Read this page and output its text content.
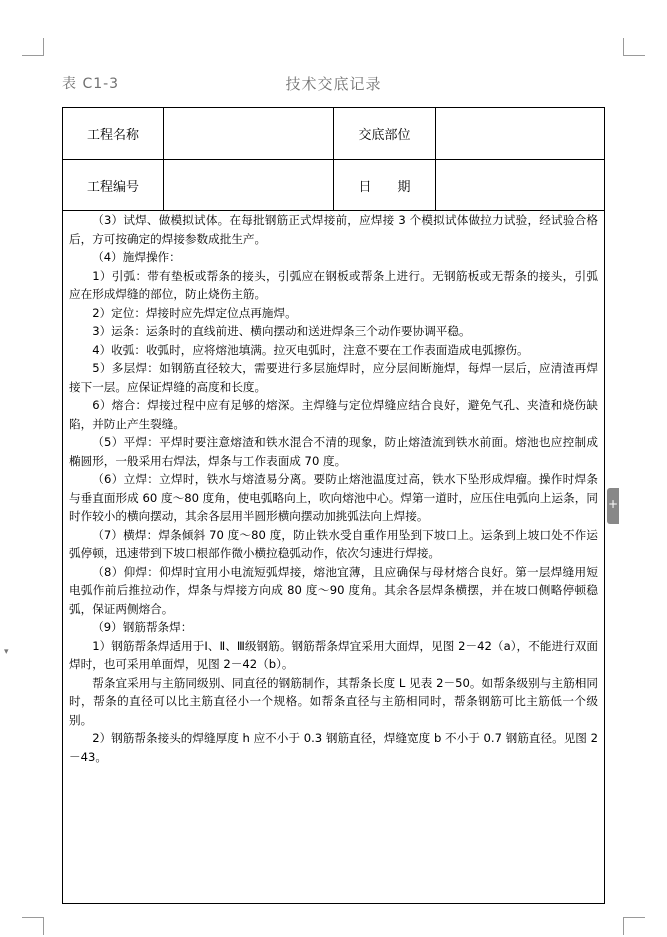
表 C1-3	技术交底记录
工程名称	交底部位
工程编号	日　　期

（3）试焊、做模拟试体。在每批钢筋正式焊接前，应焊接 3 个模拟试体做拉力试验，经试验合格后，方可按确定的焊接参数成批生产。

（4）施焊操作：

1）引弧：带有垫板或帮条的接头，引弧应在钢板或帮条上进行。无钢筋板或无帮条的接头，引弧应在形成焊缝的部位，防止烧伤主筋。

2）定位：焊接时应先焊定位点再施焊。

3）运条：运条时的直线前进、横向摆动和送进焊条三个动作要协调平稳。

4）收弧：收弧时，应将熔池填满。拉灭电弧时，注意不要在工作表面造成电弧擦伤。

5）多层焊：如钢筋直径较大，需要进行多层施焊时，应分层间断施焊，每焊一层后，应清渣再焊接下一层。应保证焊缝的高度和长度。

6）熔合：焊接过程中应有足够的熔深。主焊缝与定位焊缝应结合良好，避免气孔、夹渣和烧伤缺陷，并防止产生裂缝。

（5）平焊：平焊时要注意熔渣和铁水混合不清的现象，防止熔渣流到铁水前面。熔池也应控制成椭圆形，一般采用右焊法，焊条与工作表面成 70 度。

（6）立焊：立焊时，铁水与熔渣易分离。要防止熔池温度过高，铁水下坠形成焊瘤。操作时焊条与垂直面形成 60 度～80 度角，使电弧略向上，吹向熔池中心。焊第一道时，应压住电弧向上运条，同时作较小的横向摆动，其余各层用半圆形横向摆动加挑弧法向上焊接。

（7）横焊：焊条倾斜 70 度～80 度，防止铁水受自重作用坠到下坡口上。运条到上坡口处不作运弧停顿，迅速带到下坡口根部作微小横拉稳弧动作，依次匀速进行焊接。

（8）仰焊：仰焊时宜用小电流短弧焊接，熔池宜薄，且应确保与母材熔合良好。第一层焊缝用短电弧作前后推拉动作，焊条与焊接方向成 80 度～90 度角。其余各层焊条横摆，并在坡口侧略停顿稳弧，保证两侧熔合。

（9）钢筋帮条焊：

1）钢筋帮条焊适用于Ⅰ、Ⅱ、Ⅲ级钢筋。钢筋帮条焊宜采用大面焊，见图 2－42（a），不能进行双面焊时，也可采用单面焊，见图 2－42（b）。

帮条宜采用与主筋同级别、同直径的钢筋制作，其帮条长度 L 见表 2－50。如帮条级别与主筋相同时，帮条的直径可以比主筋直径小一个规格。如帮条直径与主筋相同时，帮条钢筋可比主筋低一个级别。

2）钢筋帮条接头的焊缝厚度 h 应不小于 0.3 钢筋直径，焊缝宽度 b 不小于 0.7 钢筋直径。见图 2－43。

+
▾
